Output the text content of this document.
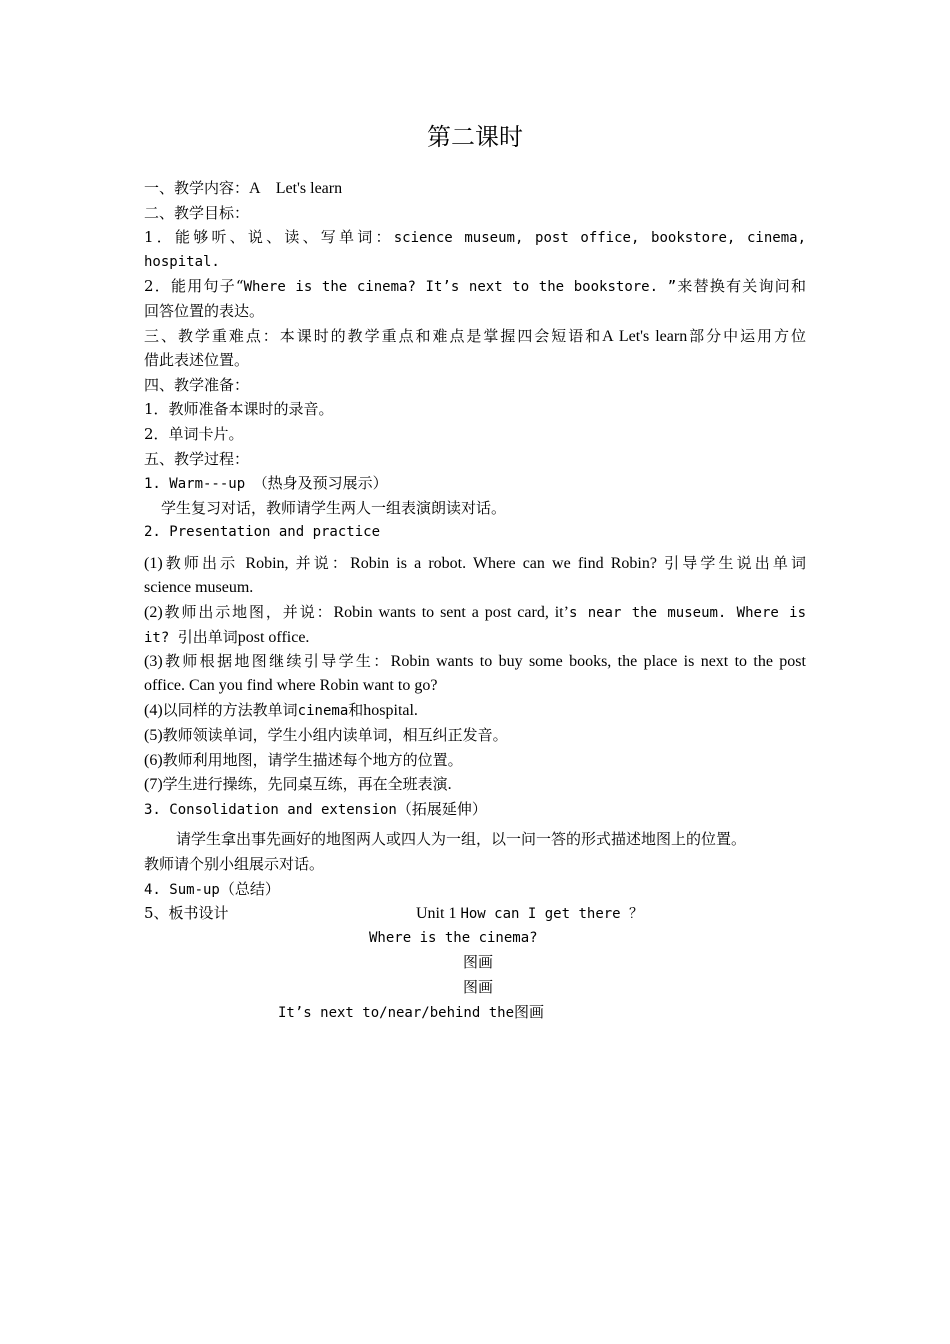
第二课时
一、教学内容：A　Let's learn
二、教学目标：
1．能够听、说、读、写单词：science museum, post office, bookstore, cinema,
hospital.
2．能用句子“Where is the cinema? It’s next to the bookstore. ”来替换有关询问和
回答位置的表达。
三、教学重难点：本课时的教学重点和难点是掌握四会短语和A Let's learn部分中运用方位
借此表述位置。
四、教学准备：
1．教师准备本课时的录音。
2．单词卡片。
五、教学过程：
1. Warm---up （热身及预习展示）
学生复习对话，教师请学生两人一组表演朗读对话。
2. Presentation and practice
(1)教师出示 Robin, 并说：Robin is a robot. Where can we find Robin? 引导学生说出单词
science museum.
(2)教师出示地图，并说：Robin wants to sent a post card, it’s near the museum. Where is
it? 引出单词post office.
(3)教师根据地图继续引导学生：Robin wants to buy some books, the place is next to the post
office. Can you find where Robin want to go?
(4)以同样的方法教单词cinema和hospital.
(5)教师领读单词，学生小组内读单词，相互纠正发音。
(6)教师利用地图，请学生描述每个地方的位置。
(7)学生进行操练，先同桌互练，再在全班表演.
3. Consolidation and extension（拓展延伸）
请学生拿出事先画好的地图两人或四人为一组，以一问一答的形式描述地图上的位置。
教师请个别小组展示对话。
4. Sum-up（总结）
5、板书设计	Unit 1 How can I get there ？
Where is the cinema?
图画
图画
It’s next to/near/behind the图画
